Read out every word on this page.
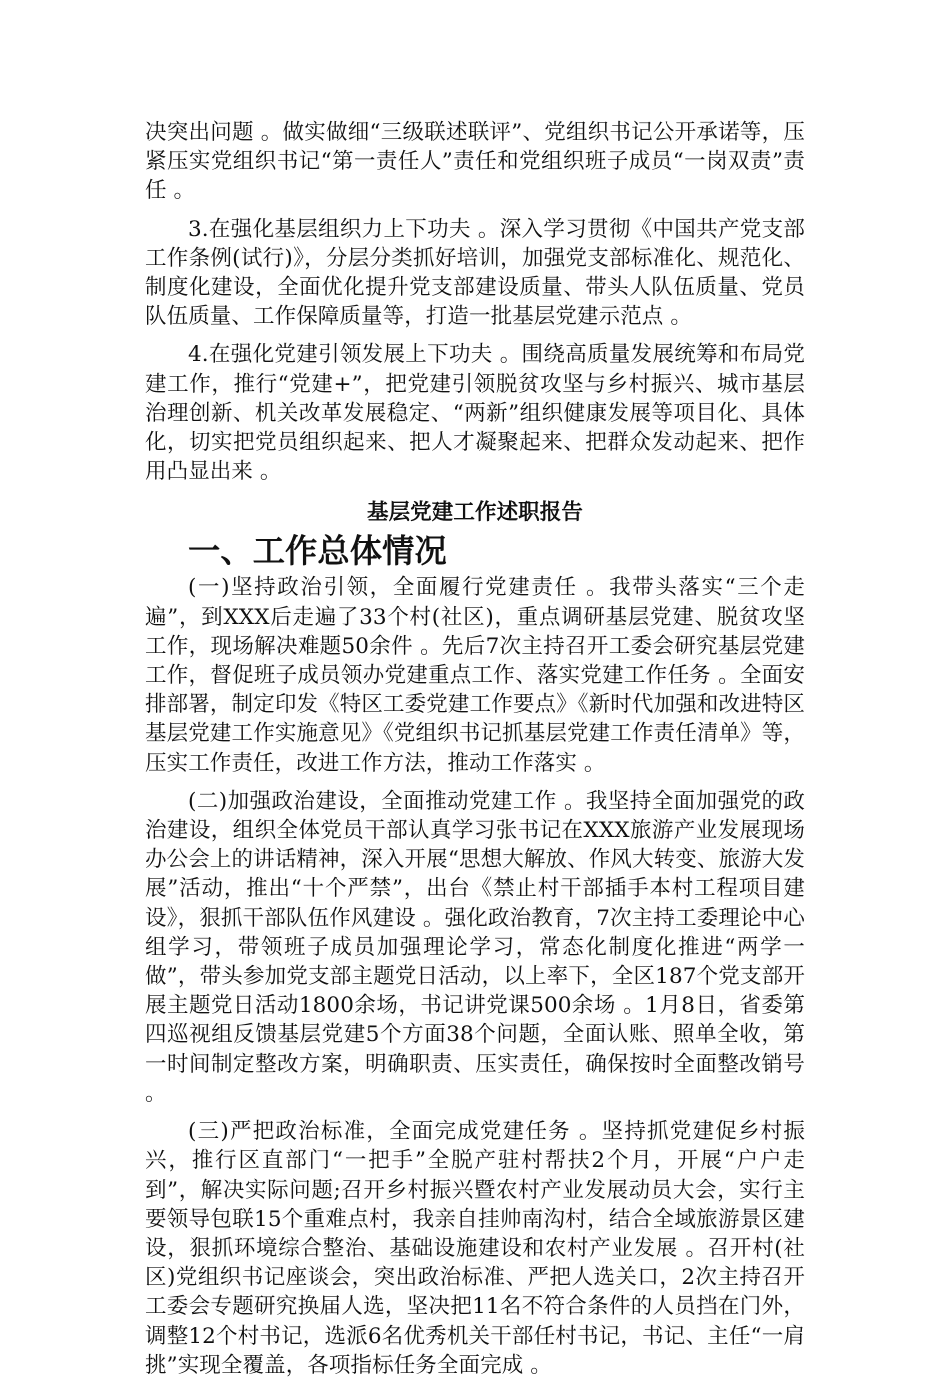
决突出问题 。做实做细“三级联述联评”、党组织书记公开承诺等，压紧压实党组织书记“第一责任人”责任和党组织班子成员“一岗双责”责任 。

3.在强化基层组织力上下功夫 。深入学习贯彻《中国共产党支部工作条例(试行)》，分层分类抓好培训，加强党支部标准化、规范化、制度化建设，全面优化提升党支部建设质量、带头人队伍质量、党员队伍质量、工作保障质量等，打造一批基层党建示范点 。

4.在强化党建引领发展上下功夫 。围绕高质量发展统筹和布局党建工作，推行“党建+”，把党建引领脱贫攻坚与乡村振兴、城市基层治理创新、机关改革发展稳定、“两新”组织健康发展等项目化、具体化，切实把党员组织起来、把人才凝聚起来、把群众发动起来、把作用凸显出来 。

基层党建工作述职报告
一、工作总体情况

(一)坚持政治引领，全面履行党建责任 。我带头落实“三个走遍”，到XXX后走遍了33个村(社区)，重点调研基层党建、脱贫攻坚工作，现场解决难题50余件 。先后7次主持召开工委会研究基层党建工作，督促班子成员领办党建重点工作、落实党建工作任务 。全面安排部署，制定印发《特区工委党建工作要点》《新时代加强和改进特区基层党建工作实施意见》《党组织书记抓基层党建工作责任清单》等，压实工作责任，改进工作方法，推动工作落实 。

(二)加强政治建设，全面推动党建工作 。我坚持全面加强党的政治建设，组织全体党员干部认真学习张书记在XXX旅游产业发展现场办公会上的讲话精神，深入开展“思想大解放、作风大转变、旅游大发展”活动，推出“十个严禁”，出台《禁止村干部插手本村工程项目建设》，狠抓干部队伍作风建设 。强化政治教育，7次主持工委理论中心组学习，带领班子成员加强理论学习，常态化制度化推进“两学一做”，带头参加党支部主题党日活动，以上率下，全区187个党支部开展主题党日活动1800余场，书记讲党课500余场 。1月8日，省委第四巡视组反馈基层党建5个方面38个问题，全面认账、照单全收，第一时间制定整改方案，明确职责、压实责任，确保按时全面整改销号 。

(三)严把政治标准，全面完成党建任务 。坚持抓党建促乡村振兴，推行区直部门“一把手”全脱产驻村帮扶2个月，开展“户户走到”，解决实际问题;召开乡村振兴暨农村产业发展动员大会，实行主要领导包联15个重难点村，我亲自挂帅南沟村，结合全域旅游景区建设，狠抓环境综合整治、基础设施建设和农村产业发展 。召开村(社区)党组织书记座谈会，突出政治标准、严把人选关口，2次主持召开工委会专题研究换届人选，坚决把11名不符合条件的人员挡在门外，调整12个村书记，选派6名优秀机关干部任村书记，书记、主任“一肩挑”实现全覆盖，各项指标任务全面完成 。
